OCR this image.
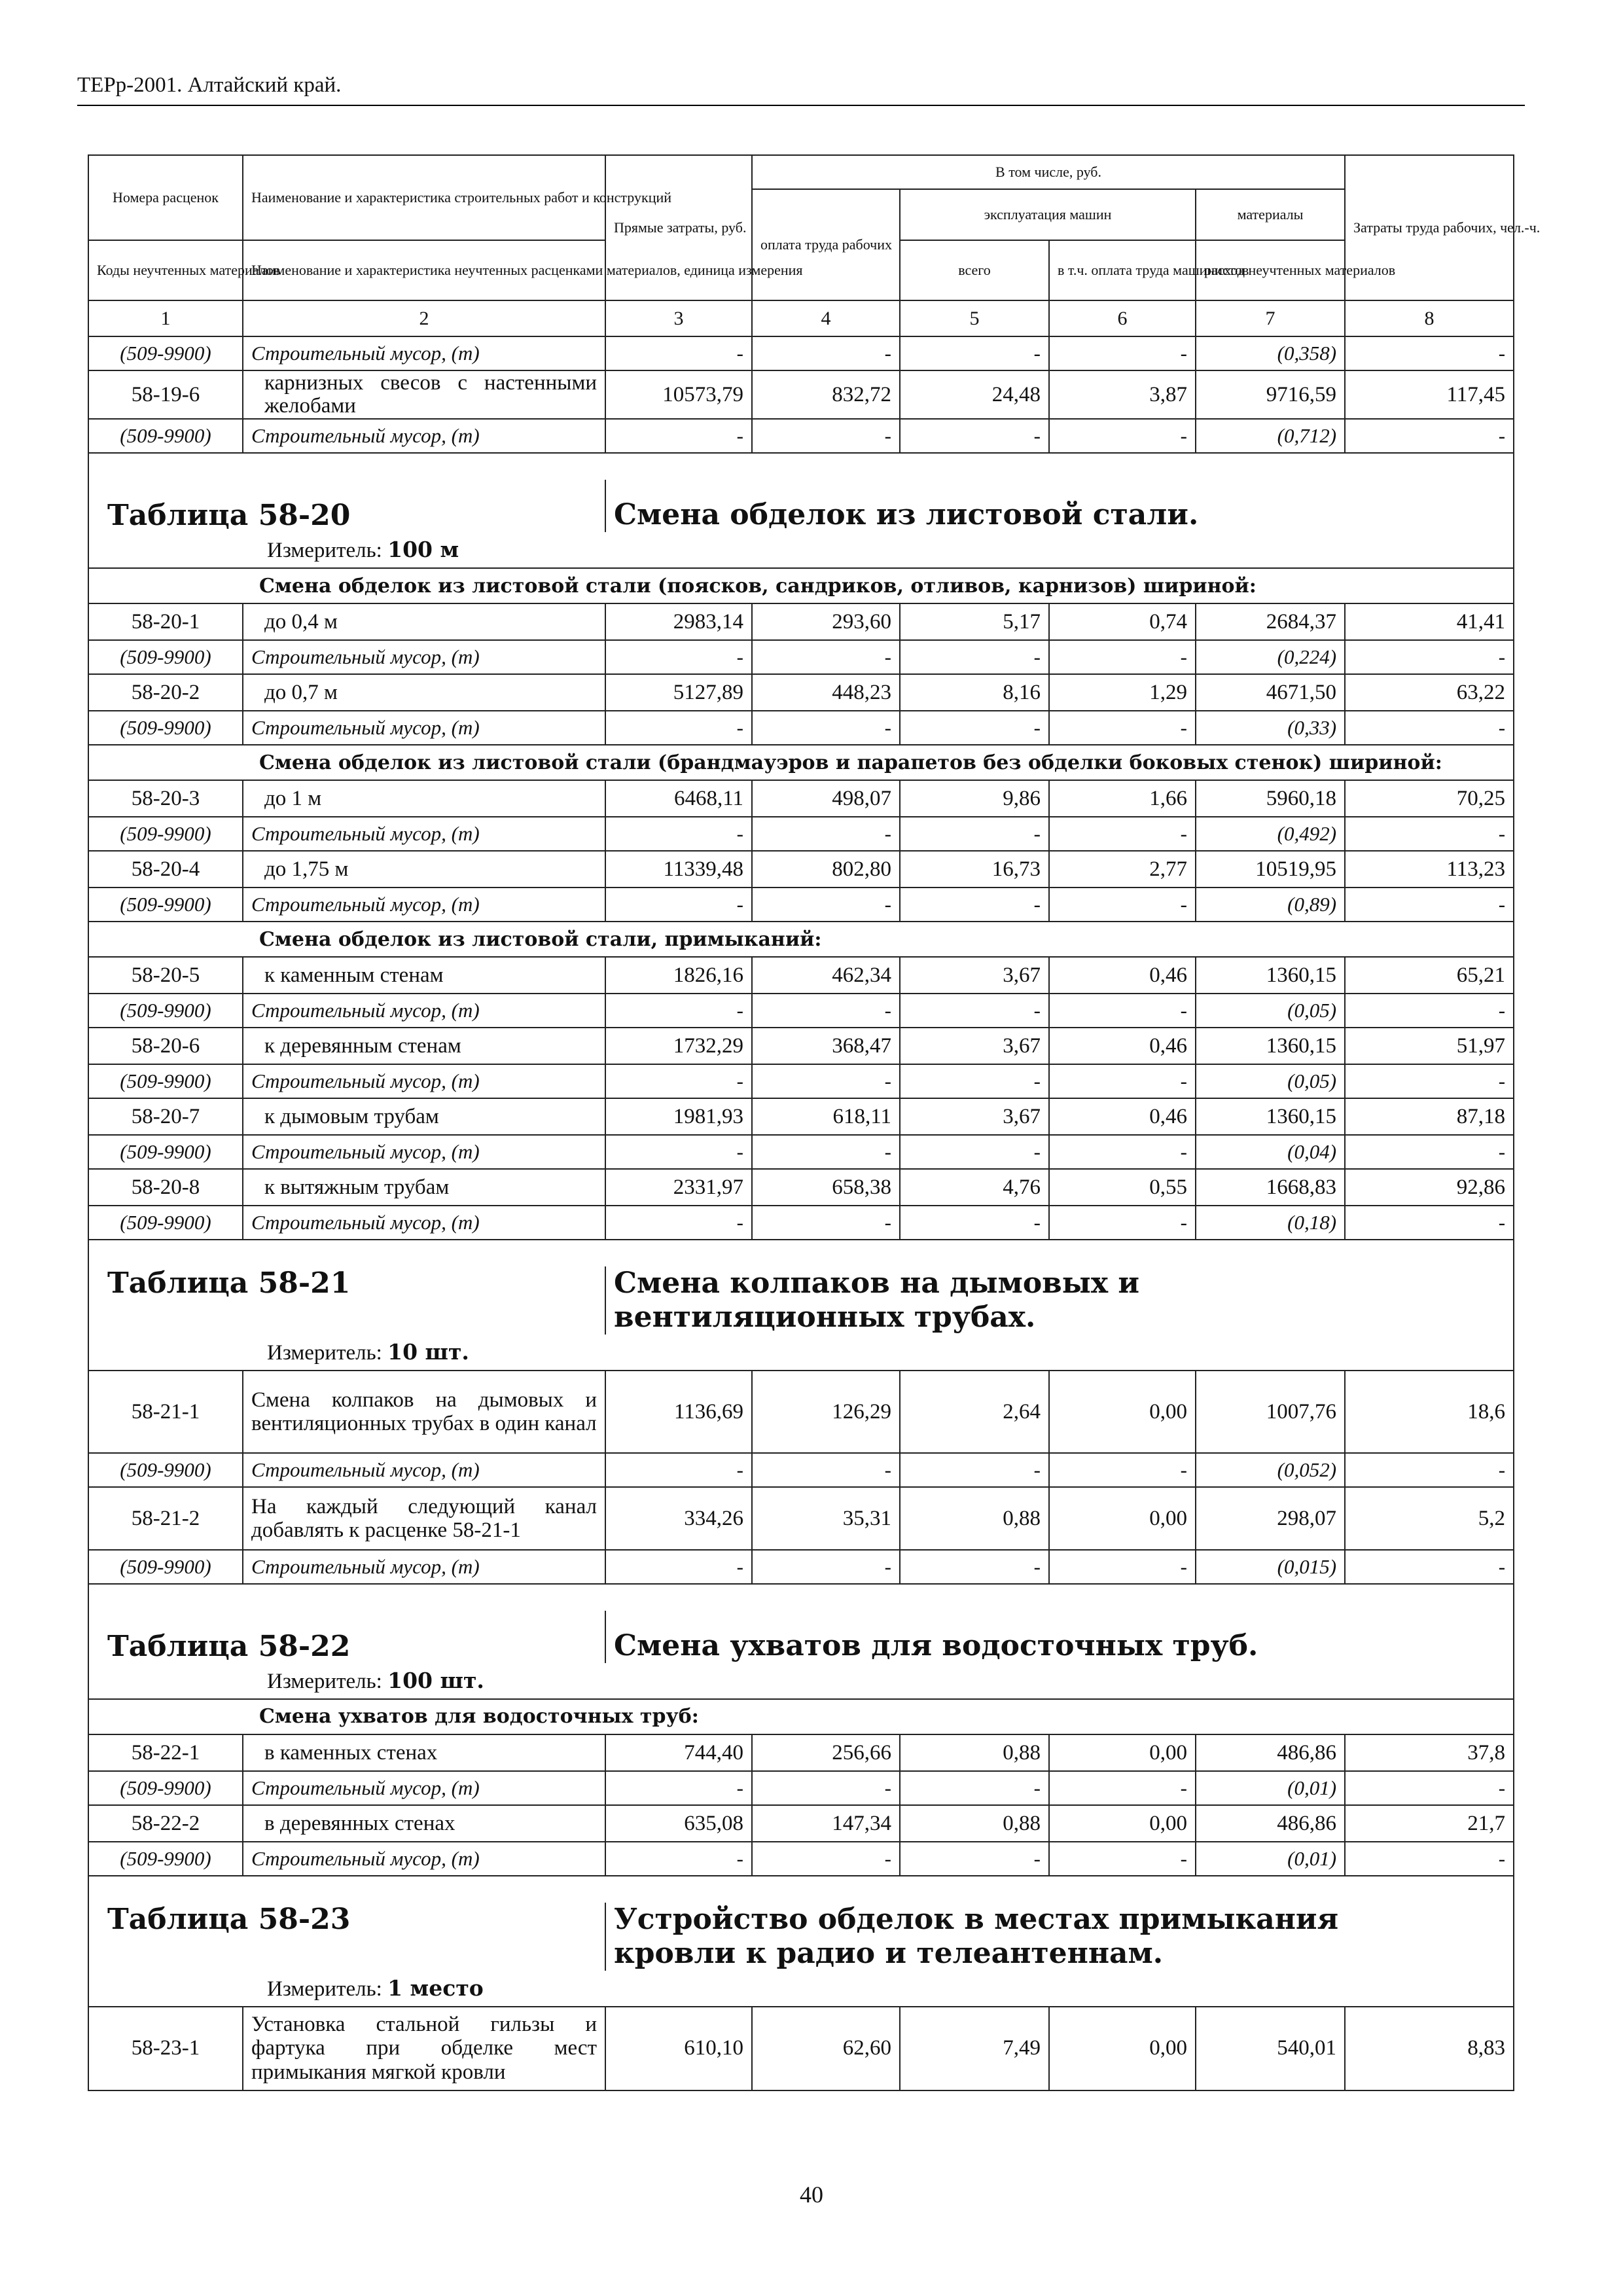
ТЕРр-2001. Алтайский край.
Номера расценок	Наименование и характеристика строительных работ и конструкций	Прямые затраты, руб.	В том числе, руб.				Затраты труда рабочих, чел.-ч.
			оплата труда рабочих	эксплуатация машин		материалы	
Коды неучтенных материалов	Наименование и характеристика неучтенных расценками материалов, единица измерения			всего	в т.ч. оплата труда машинистов	расход неучтенных материалов	
1	2	3	4	5	6	7	8
(509-9900)	Строительный мусор, (т)	-	-	-	-	(0,358)	-
58-19-6	карнизных свесов с настенными желобами	10573,79	832,72	24,48	3,87	9716,59	117,45
(509-9900)	Строительный мусор, (т)	-	-	-	-	(0,712)	-

Таблица 58-20		Смена обделок из листовой стали.					

Измеритель: 100 м							

Смена обделок из листовой стали (поясков, сандриков, отливов, карнизов) шириной:							
58-20-1	до 0,4 м	2983,14	293,60	5,17	0,74	2684,37	41,41
(509-9900)	Строительный мусор, (т)	-	-	-	-	(0,224)	-
58-20-2	до 0,7 м	5127,89	448,23	8,16	1,29	4671,50	63,22
(509-9900)	Строительный мусор, (т)	-	-	-	-	(0,33)	-
Смена обделок из листовой стали (брандмауэров и парапетов без обделки боковых стенок) шириной:							
58-20-3	до 1 м	6468,11	498,07	9,86	1,66	5960,18	70,25
(509-9900)	Строительный мусор, (т)	-	-	-	-	(0,492)	-
58-20-4	до 1,75 м	11339,48	802,80	16,73	2,77	10519,95	113,23
(509-9900)	Строительный мусор, (т)	-	-	-	-	(0,89)	-
Смена обделок из листовой стали, примыканий:							
58-20-5	к каменным стенам	1826,16	462,34	3,67	0,46	1360,15	65,21
(509-9900)	Строительный мусор, (т)	-	-	-	-	(0,05)	-
58-20-6	к деревянным стенам	1732,29	368,47	3,67	0,46	1360,15	51,97
(509-9900)	Строительный мусор, (т)	-	-	-	-	(0,05)	-
58-20-7	к дымовым трубам	1981,93	618,11	3,67	0,46	1360,15	87,18
(509-9900)	Строительный мусор, (т)	-	-	-	-	(0,04)	-
58-20-8	к вытяжным трубам	2331,97	658,38	4,76	0,55	1668,83	92,86
(509-9900)	Строительный мусор, (т)	-	-	-	-	(0,18)	-

Таблица 58-21		Смена колпаков на дымовых и вентиляционных трубах.					

Измеритель: 10 шт.							

58-21-1	Смена колпаков на дымовых и вентиляционных трубах в один канал	1136,69	126,29	2,64	0,00	1007,76	18,6
(509-9900)	Строительный мусор, (т)	-	-	-	-	(0,052)	-
58-21-2	На каждый следующий канал добавлять к расценке 58-21-1	334,26	35,31	0,88	0,00	298,07	5,2
(509-9900)	Строительный мусор, (т)	-	-	-	-	(0,015)	-

Таблица 58-22		Смена ухватов для водосточных труб.					

Измеритель: 100 шт.							

Смена ухватов для водосточных труб:							
58-22-1	в каменных стенах	744,40	256,66	0,88	0,00	486,86	37,8
(509-9900)	Строительный мусор, (т)	-	-	-	-	(0,01)	-
58-22-2	в деревянных стенах	635,08	147,34	0,88	0,00	486,86	21,7
(509-9900)	Строительный мусор, (т)	-	-	-	-	(0,01)	-

Таблица 58-23		Устройство обделок в местах примыкания кровли к радио и телеантеннам.					

Измеритель: 1 место							

58-23-1	Установка стальной гильзы и фартука при обделке мест примыкания мягкой кровли	610,10	62,60	7,49	0,00	540,01	8,83
40
